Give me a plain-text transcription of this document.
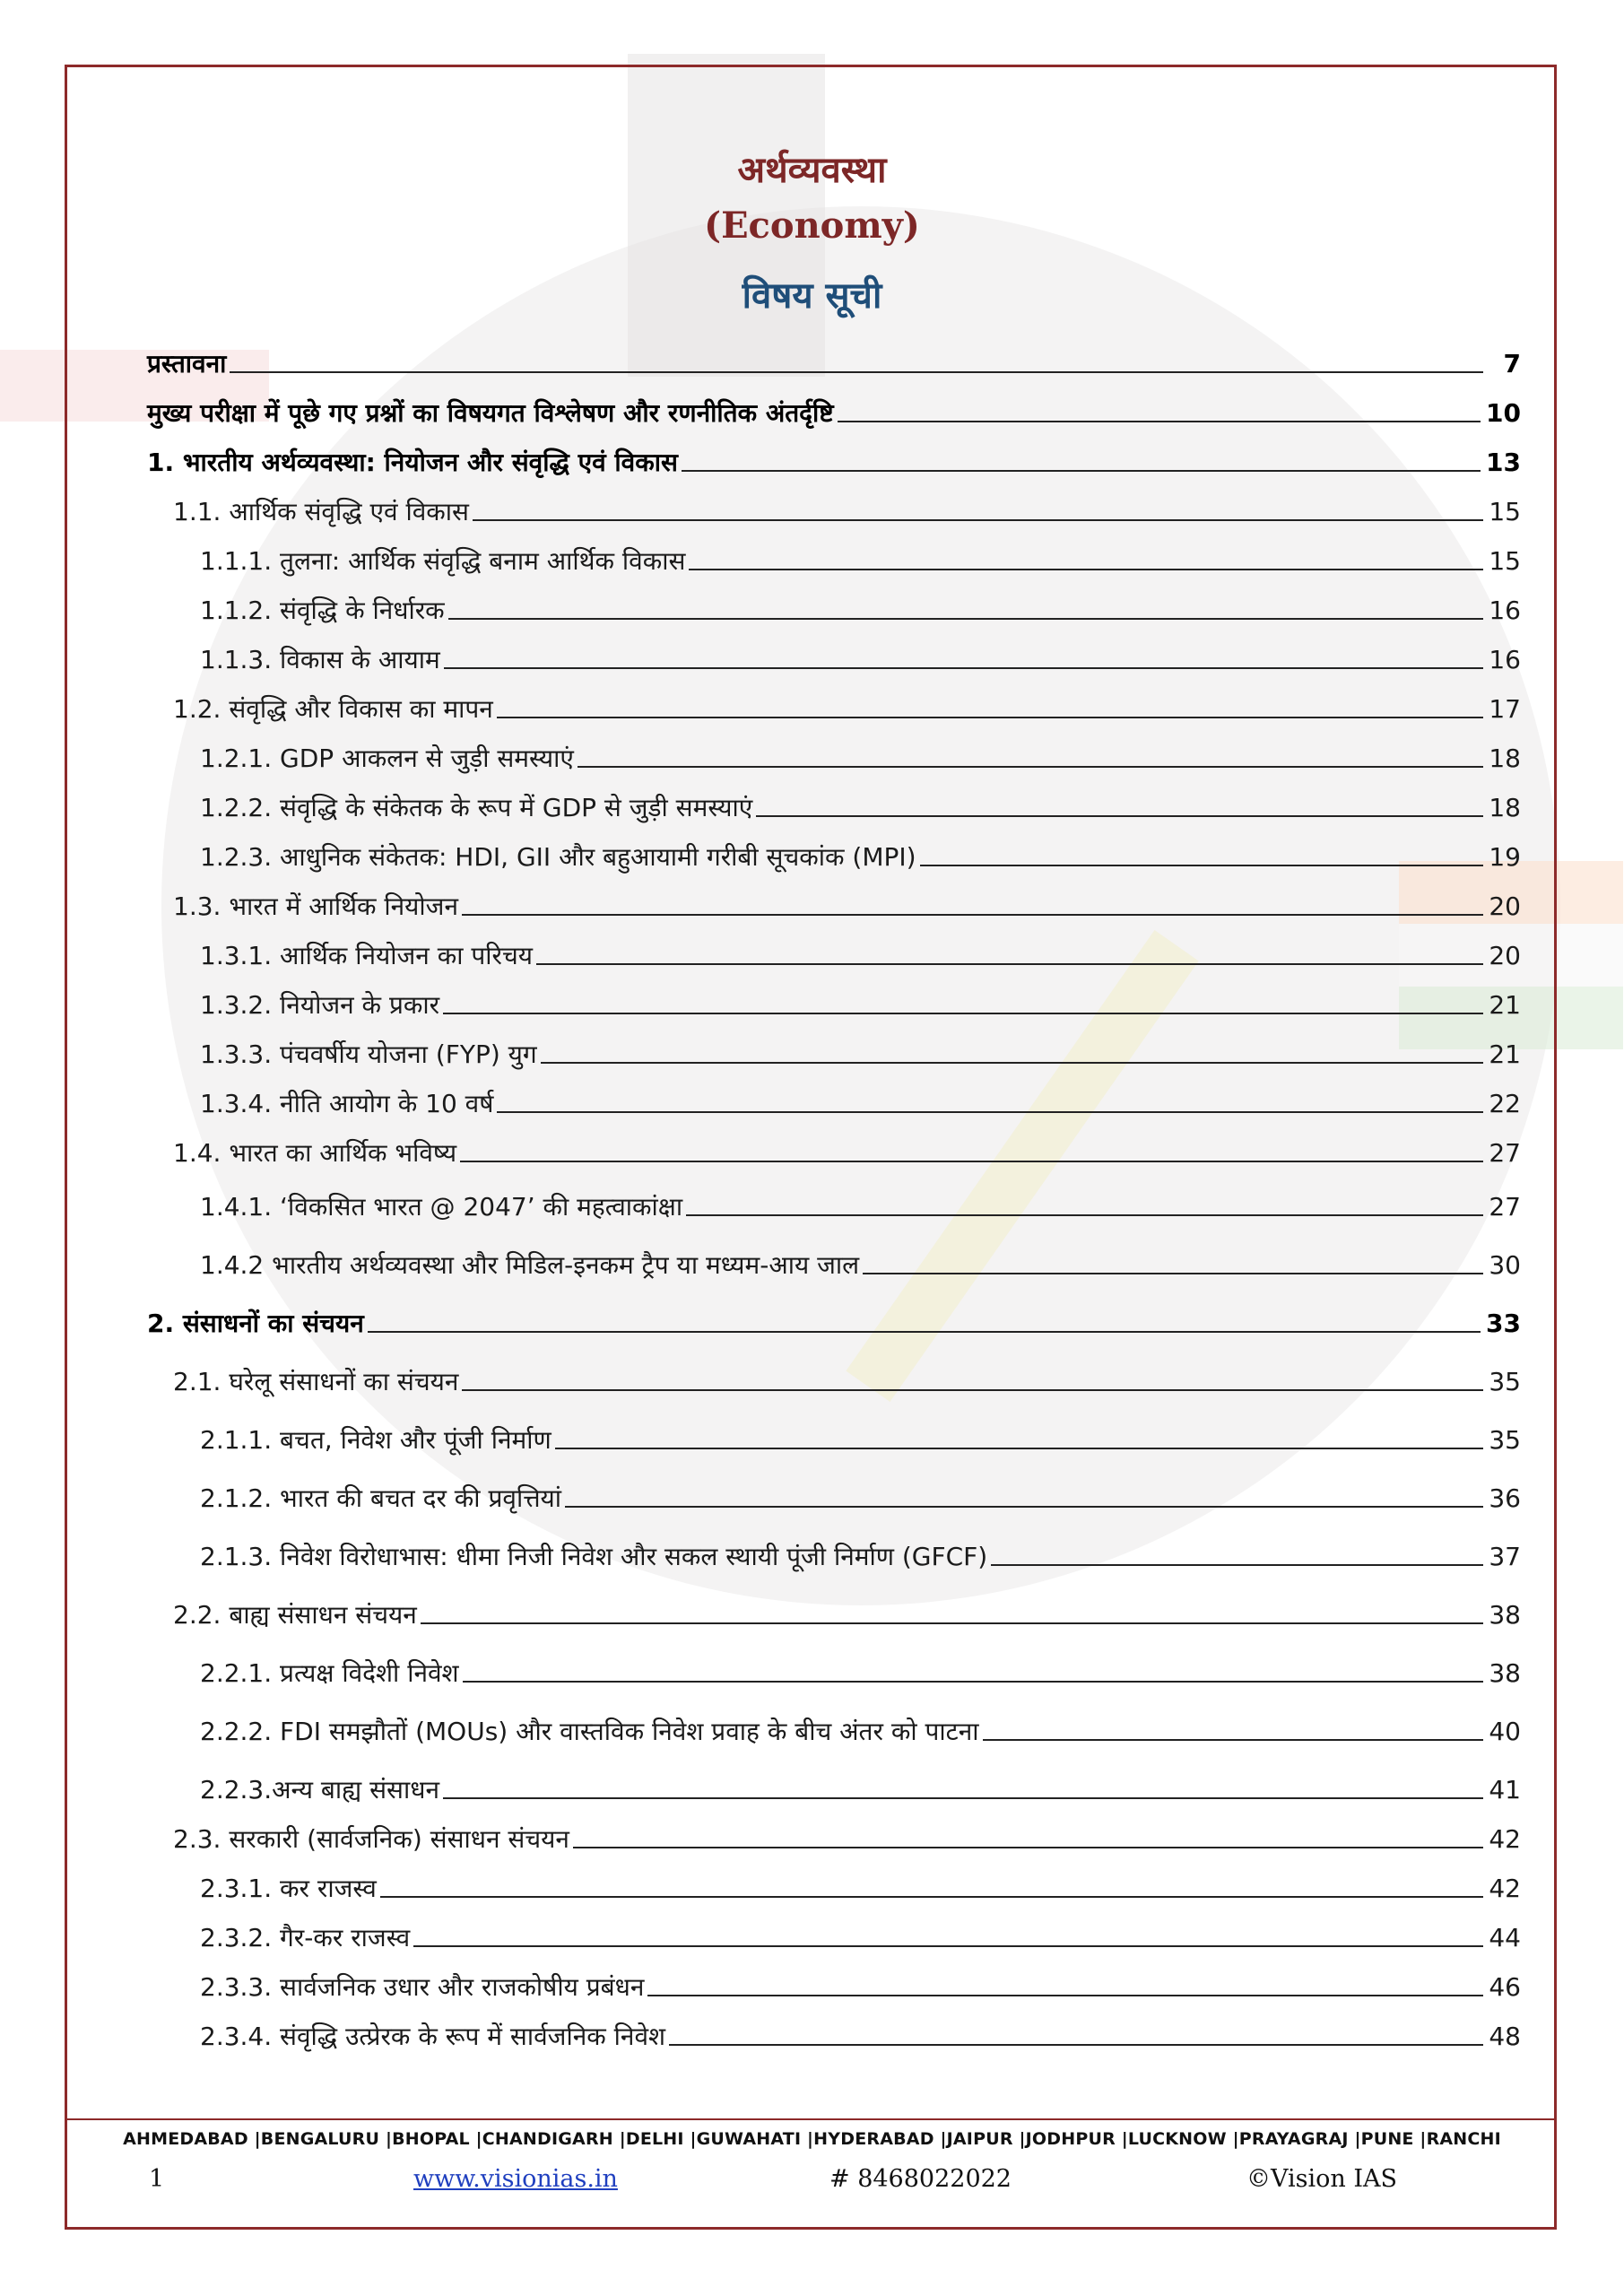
अर्थव्यवस्था
(Economy)
विषय सूची
प्रस्तावना	7
मुख्य परीक्षा में पूछे गए प्रश्नों का विषयगत विश्लेषण और रणनीतिक अंतर्दृष्टि	10
1. भारतीय अर्थव्यवस्था: नियोजन और संवृद्धि एवं विकास	13
1.1. आर्थिक संवृद्धि एवं विकास	15
1.1.1. तुलना: आर्थिक संवृद्धि बनाम आर्थिक विकास	15
1.1.2. संवृद्धि के निर्धारक	16
1.1.3. विकास के आयाम	16
1.2. संवृद्धि और विकास का मापन	17
1.2.1. GDP आकलन से जुड़ी समस्याएं	18
1.2.2. संवृद्धि के संकेतक के रूप में GDP से जुड़ी समस्याएं	18
1.2.3. आधुनिक संकेतक: HDI, GII और बहुआयामी गरीबी सूचकांक (MPI)	19
1.3. भारत में आर्थिक नियोजन	20
1.3.1. आर्थिक नियोजन का परिचय	20
1.3.2. नियोजन के प्रकार	21
1.3.3. पंचवर्षीय योजना (FYP) युग	21
1.3.4. नीति आयोग के 10 वर्ष	22
1.4. भारत का आर्थिक भविष्य	27
1.4.1. ‘विकसित भारत @ 2047’ की महत्वाकांक्षा	27
1.4.2 भारतीय अर्थव्यवस्था और मिडिल-इनकम ट्रैप या मध्यम-आय जाल	30
2. संसाधनों का संचयन	33
2.1. घरेलू संसाधनों का संचयन	35
2.1.1. बचत, निवेश और पूंजी निर्माण	35
2.1.2. भारत की बचत दर की प्रवृत्तियां	36
2.1.3. निवेश विरोधाभास: धीमा निजी निवेश और सकल स्थायी पूंजी निर्माण (GFCF)	37
2.2. बाह्य संसाधन संचयन	38
2.2.1. प्रत्यक्ष विदेशी निवेश	38
2.2.2. FDI समझौतों (MOUs) और वास्तविक निवेश प्रवाह के बीच अंतर को पाटना	40
2.2.3.अन्य बाह्य संसाधन	41
2.3. सरकारी (सार्वजनिक) संसाधन संचयन	42
2.3.1. कर राजस्व	42
2.3.2. गैर-कर राजस्व	44
2.3.3. सार्वजनिक उधार और राजकोषीय प्रबंधन	46
2.3.4. संवृद्धि उत्प्रेरक के रूप में सार्वजनिक निवेश	48
AHMEDABAD |BENGALURU |BHOPAL |CHANDIGARH |DELHI |GUWAHATI |HYDERABAD |JAIPUR |JODHPUR |LUCKNOW |PRAYAGRAJ |PUNE |RANCHI
1	www.visionias.in	# 8468022022	©Vision IAS
